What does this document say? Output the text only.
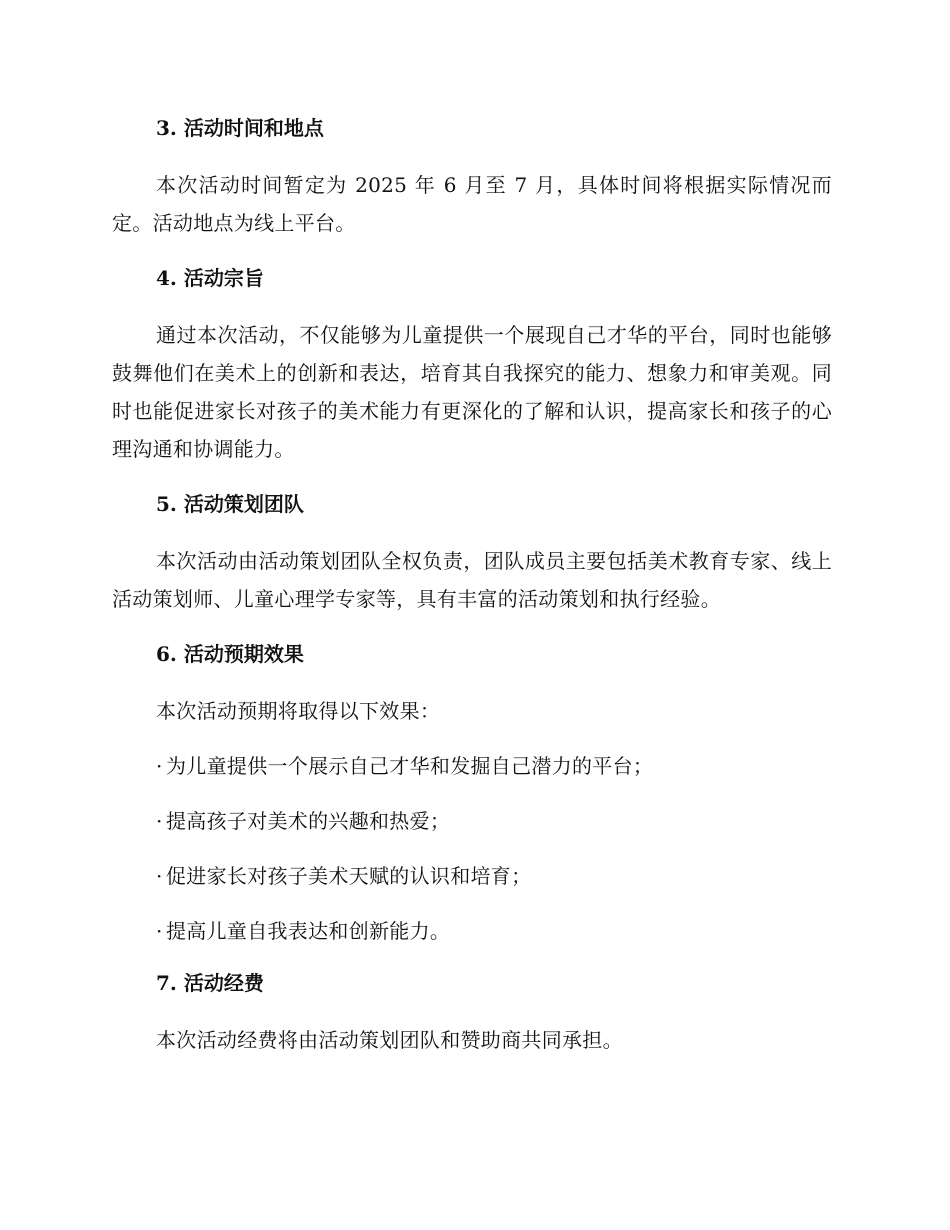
3. 活动时间和地点

本次活动时间暂定为 2025 年 6 月至 7 月，具体时间将根据实际情况而定。活动地点为线上平台。

4. 活动宗旨

通过本次活动，不仅能够为儿童提供一个展现自己才华的平台，同时也能够鼓舞他们在美术上的创新和表达，培育其自我探究的能力、想象力和审美观。同时也能促进家长对孩子的美术能力有更深化的了解和认识，提高家长和孩子的心理沟通和协调能力。

5. 活动策划团队

本次活动由活动策划团队全权负责，团队成员主要包括美术教育专家、线上活动策划师、儿童心理学专家等，具有丰富的活动策划和执行经验。

6. 活动预期效果

本次活动预期将取得以下效果：

· 为儿童提供一个展示自己才华和发掘自己潜力的平台；

· 提高孩子对美术的兴趣和热爱；

· 促进家长对孩子美术天赋的认识和培育；

· 提高儿童自我表达和创新能力。

7. 活动经费

本次活动经费将由活动策划团队和赞助商共同承担。
